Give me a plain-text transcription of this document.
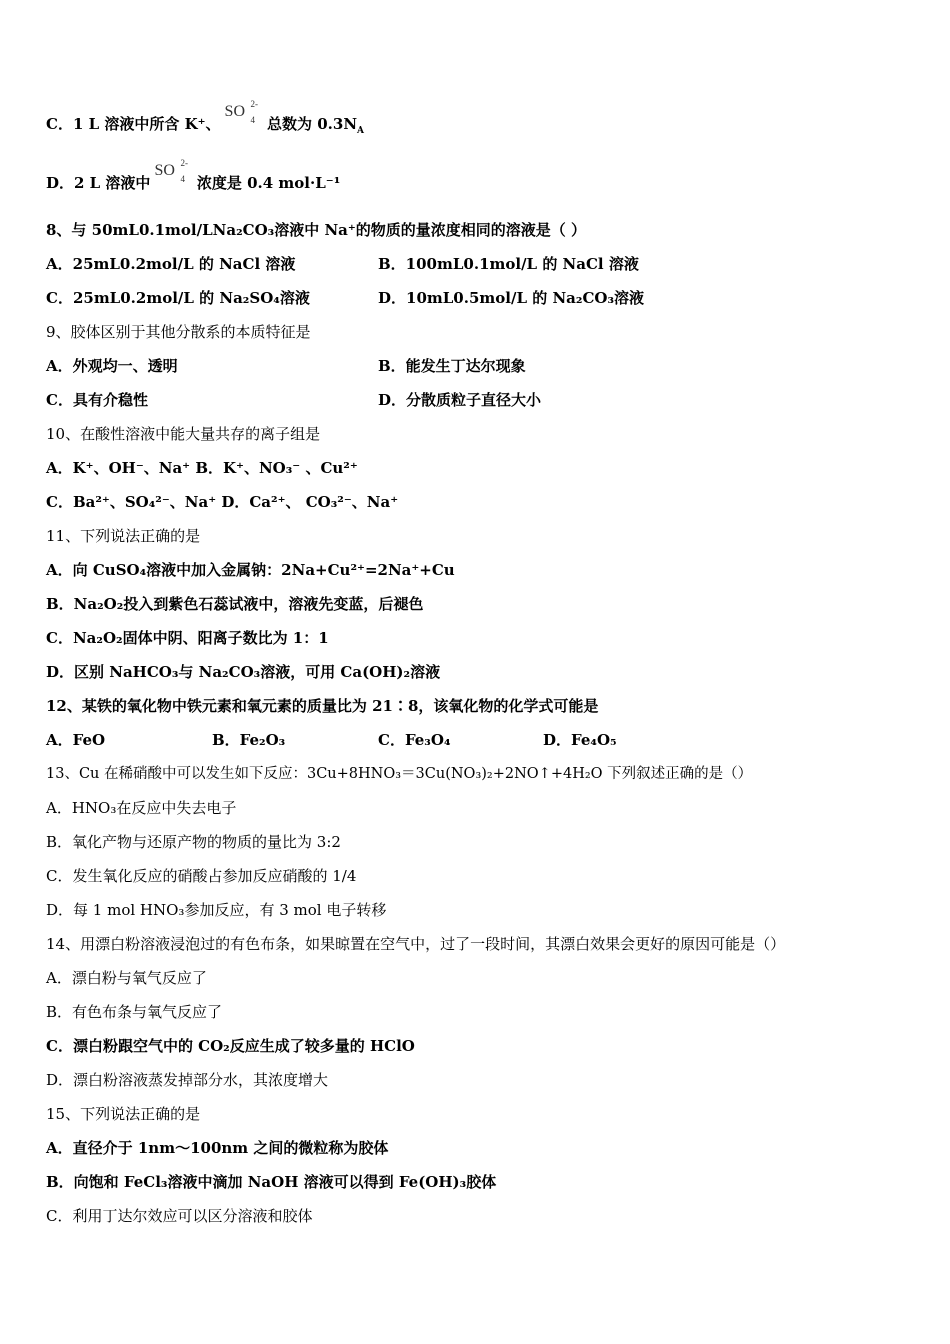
C．1 L 溶液中所含 K⁺、SO 2-
4 总数为 $0.3N_A$
D．2 L 溶液中SO 2-
4 浓度是 0.4 mol·L⁻¹
8、与 50mL0.1mol/LNa₂CO₃溶液中 Na⁺的物质的量浓度相同的溶液是（ ）
A．25mL0.2mol/L 的 NaCl 溶液	B．100mL0.1mol/L 的 NaCl 溶液
C．25mL0.2mol/L 的 Na₂SO₄溶液	D．10mL0.5mol/L 的 Na₂CO₃溶液
9、胶体区别于其他分散系的本质特征是
A．外观均一、透明	B．能发生丁达尔现象
C．具有介稳性	D．分散质粒子直径大小
10、在酸性溶液中能大量共存的离子组是
A．K⁺、OH⁻、Na⁺ B．K⁺、NO₃⁻ 、Cu²⁺
C．Ba²⁺、SO₄²⁻、Na⁺ D．Ca²⁺、 CO₃²⁻、Na⁺
11、下列说法正确的是
A．向 CuSO₄溶液中加入金属钠：2Na+Cu²⁺=2Na⁺+Cu
B．Na₂O₂投入到紫色石蕊试液中，溶液先变蓝，后褪色
C．Na₂O₂固体中阴、阳离子数比为 1：1
D．区别 NaHCO₃与 Na₂CO₃溶液，可用 Ca(OH)₂溶液
12、某铁的氧化物中铁元素和氧元素的质量比为 21∶8，该氧化物的化学式可能是
A．FeO	B．Fe₂O₃	C．Fe₃O₄	D．Fe₄O₅
13、Cu 在稀硝酸中可以发生如下反应：3Cu+8HNO₃＝3Cu(NO₃)₂+2NO↑+4H₂O 下列叙述正确的是（）
A．HNO₃在反应中失去电子
B．氧化产物与还原产物的物质的量比为 3:2
C．发生氧化反应的硝酸占参加反应硝酸的 1/4
D．每 1 mol HNO₃参加反应，有 3 mol 电子转移
14、用漂白粉溶液浸泡过的有色布条，如果晾置在空气中，过了一段时间，其漂白效果会更好的原因可能是（）
A．漂白粉与氧气反应了
B．有色布条与氧气反应了
C．漂白粉跟空气中的 CO₂反应生成了较多量的 HClO
D．漂白粉溶液蒸发掉部分水，其浓度增大
15、下列说法正确的是
A．直径介于 1nm～100nm 之间的微粒称为胶体
B．向饱和 FeCl₃溶液中滴加 NaOH 溶液可以得到 Fe(OH)₃胶体
C．利用丁达尔效应可以区分溶液和胶体
